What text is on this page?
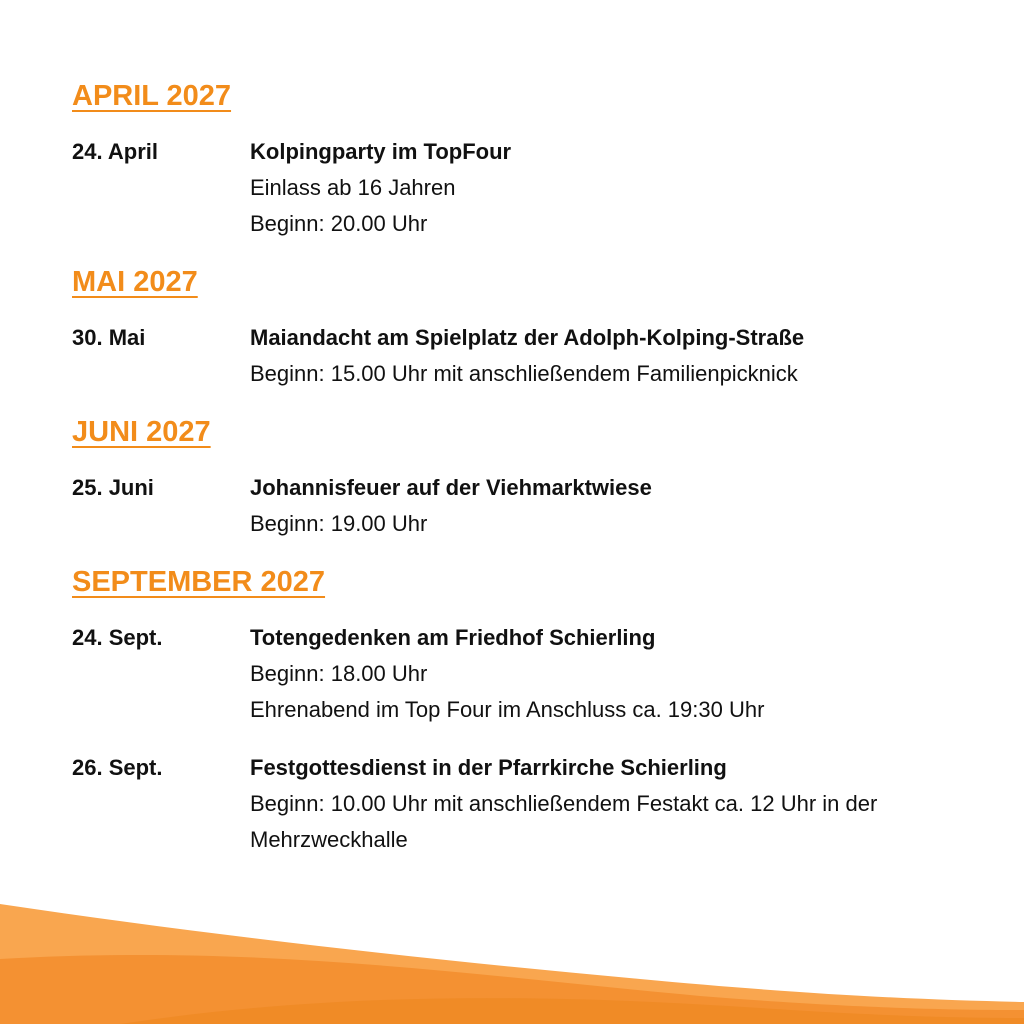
APRIL 2027
24. April	Kolpingparty im TopFour
Einlass ab 16 Jahren
Beginn: 20.00 Uhr
MAI 2027
30. Mai	Maiandacht am Spielplatz der Adolph-Kolping-Straße
Beginn: 15.00 Uhr mit anschließendem Familienpicknick
JUNI 2027
25. Juni	Johannisfeuer auf der Viehmarktwiese
Beginn: 19.00 Uhr
SEPTEMBER 2027
24. Sept.	Totengedenken am Friedhof Schierling
Beginn: 18.00 Uhr
Ehrenabend im Top Four im Anschluss ca. 19:30 Uhr
26. Sept.	Festgottesdienst in der Pfarrkirche Schierling
Beginn: 10.00 Uhr mit anschließendem Festakt ca. 12 Uhr in der Mehrzweckhalle
